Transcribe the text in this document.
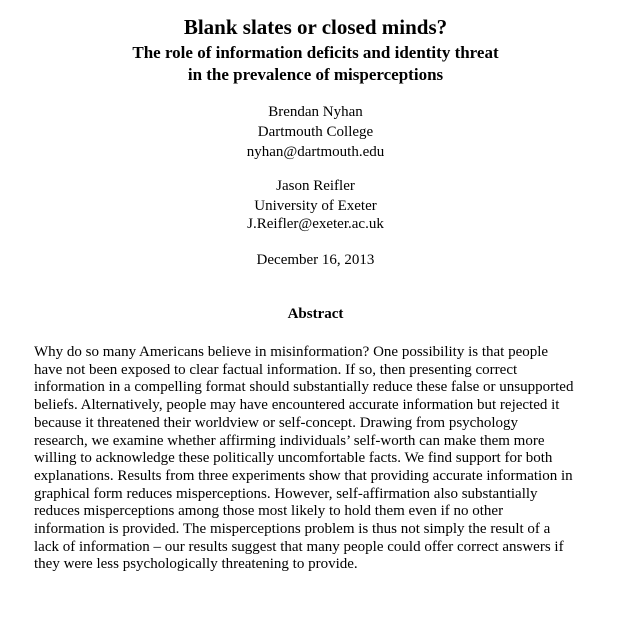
Blank slates or closed minds?
The role of information deficits and identity threat
in the prevalence of misperceptions
Brendan Nyhan
Dartmouth College
nyhan@dartmouth.edu
Jason Reifler
University of Exeter
J.Reifler@exeter.ac.uk
December 16, 2013
Abstract
Why do so many Americans believe in misinformation? One possibility is that people
have not been exposed to clear factual information. If so, then presenting correct
information in a compelling format should substantially reduce these false or unsupported
beliefs. Alternatively, people may have encountered accurate information but rejected it
because it threatened their worldview or self-concept. Drawing from psychology
research, we examine whether affirming individuals’ self-worth can make them more
willing to acknowledge these politically uncomfortable facts. We find support for both
explanations. Results from three experiments show that providing accurate information in
graphical form reduces misperceptions. However, self-affirmation also substantially
reduces misperceptions among those most likely to hold them even if no other
information is provided. The misperceptions problem is thus not simply the result of a
lack of information – our results suggest that many people could offer correct answers if
they were less psychologically threatening to provide.
